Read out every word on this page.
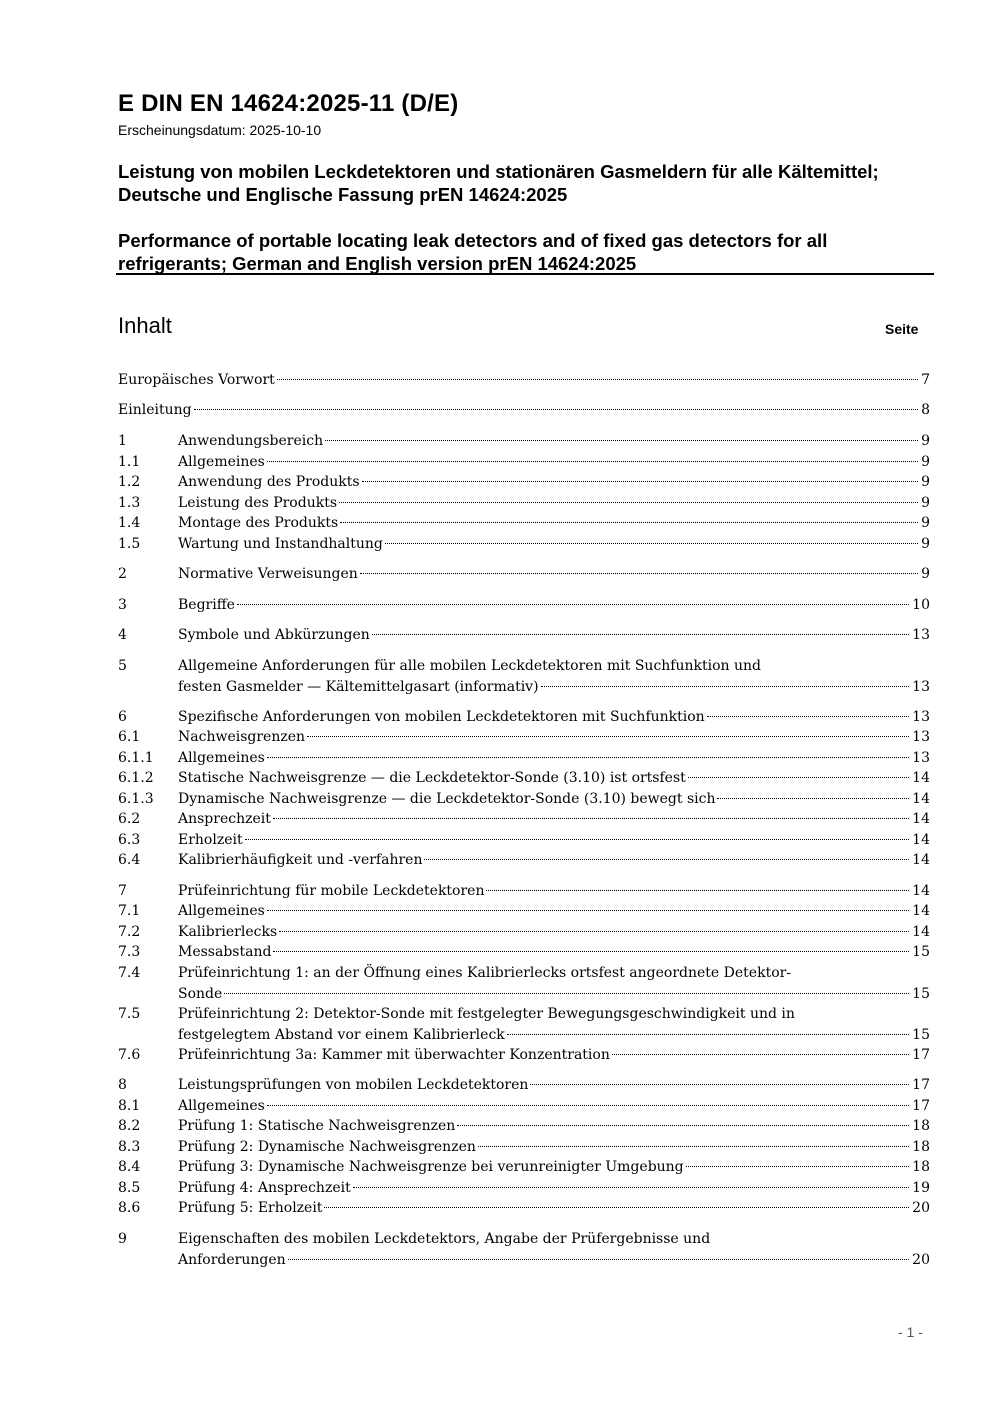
E DIN EN 14624:2025-11 (D/E)
Erscheinungsdatum: 2025-10-10
Leistung von mobilen Leckdetektoren und stationären Gasmeldern für alle Kältemittel; Deutsche und Englische Fassung prEN 14624:2025
Performance of portable locating leak detectors and of fixed gas detectors for all refrigerants; German and English version prEN 14624:2025
Inhalt	Seite
Europäisches Vorwort	7
Einleitung	8
1	Anwendungsbereich	9
1.1	Allgemeines	9
1.2	Anwendung des Produkts	9
1.3	Leistung des Produkts	9
1.4	Montage des Produkts	9
1.5	Wartung und Instandhaltung	9
2	Normative Verweisungen	9
3	Begriffe	10
4	Symbole und Abkürzungen	13
5	Allgemeine Anforderungen für alle mobilen Leckdetektoren mit Suchfunktion und
festen Gasmelder — Kältemittelgasart (informativ)	13
6	Spezifische Anforderungen von mobilen Leckdetektoren mit Suchfunktion	13
6.1	Nachweisgrenzen	13
6.1.1 Allgemeines	13
6.1.2 Statische Nachweisgrenze — die Leckdetektor-Sonde (3.10) ist ortsfest	14
6.1.3 Dynamische Nachweisgrenze — die Leckdetektor-Sonde (3.10) bewegt sich	14
6.2	Ansprechzeit	14
6.3	Erholzeit	14
6.4	Kalibrierhäufigkeit und -verfahren	14
7	Prüfeinrichtung für mobile Leckdetektoren	14
7.1	Allgemeines	14
7.2	Kalibrierlecks	14
7.3	Messabstand	15
7.4	Prüfeinrichtung 1: an der Öffnung eines Kalibrierlecks ortsfest angeordnete Detektor-
Sonde	15
7.5	Prüfeinrichtung 2: Detektor-Sonde mit festgelegter Bewegungsgeschwindigkeit und in
festgelegtem Abstand vor einem Kalibrierleck	15
7.6	Prüfeinrichtung 3a: Kammer mit überwachter Konzentration	17
8	Leistungsprüfungen von mobilen Leckdetektoren	17
8.1	Allgemeines	17
8.2	Prüfung 1: Statische Nachweisgrenzen	18
8.3	Prüfung 2: Dynamische Nachweisgrenzen	18
8.4	Prüfung 3: Dynamische Nachweisgrenze bei verunreinigter Umgebung	18
8.5	Prüfung 4: Ansprechzeit	19
8.6	Prüfung 5: Erholzeit	20
9	Eigenschaften des mobilen Leckdetektors, Angabe der Prüfergebnisse und
Anforderungen	20
- 1 -
